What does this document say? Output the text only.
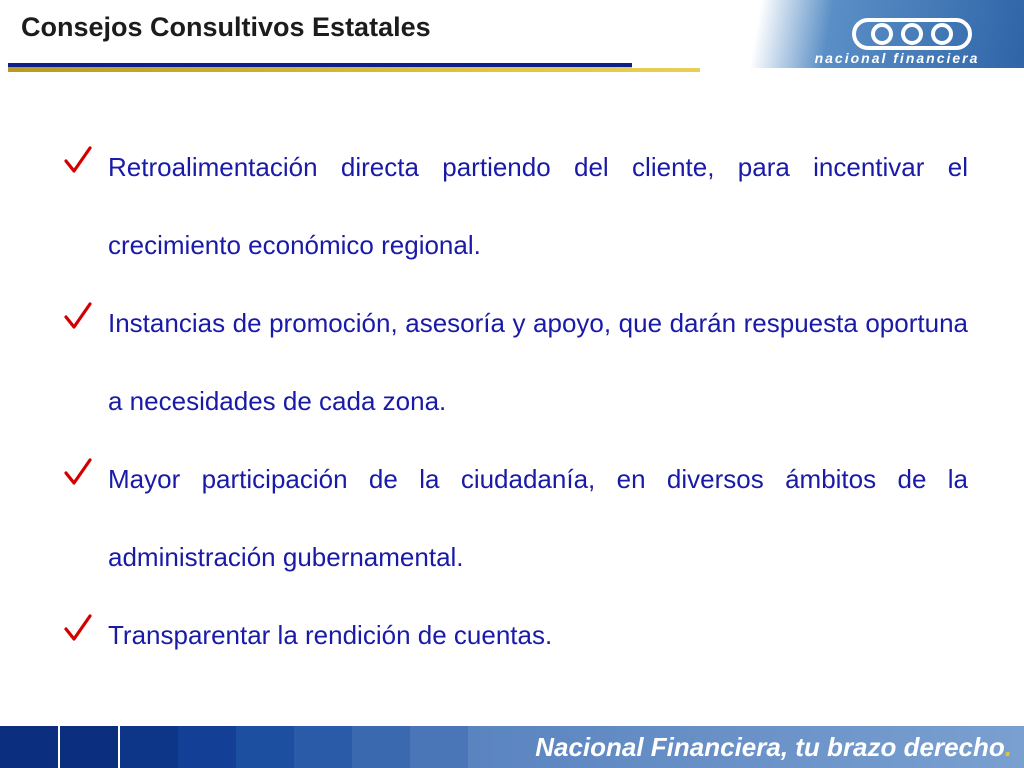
Consejos Consultivos Estatales
nacional financiera
Retroalimentación directa partiendo del cliente, para incentivar el crecimiento económico regional.
Instancias de promoción, asesoría y apoyo, que darán respuesta oportuna a necesidades de cada zona.
Mayor participación de la ciudadanía, en diversos ámbitos de la administración gubernamental.
Transparentar la rendición de cuentas.
Nacional Financiera, tu brazo derecho.
